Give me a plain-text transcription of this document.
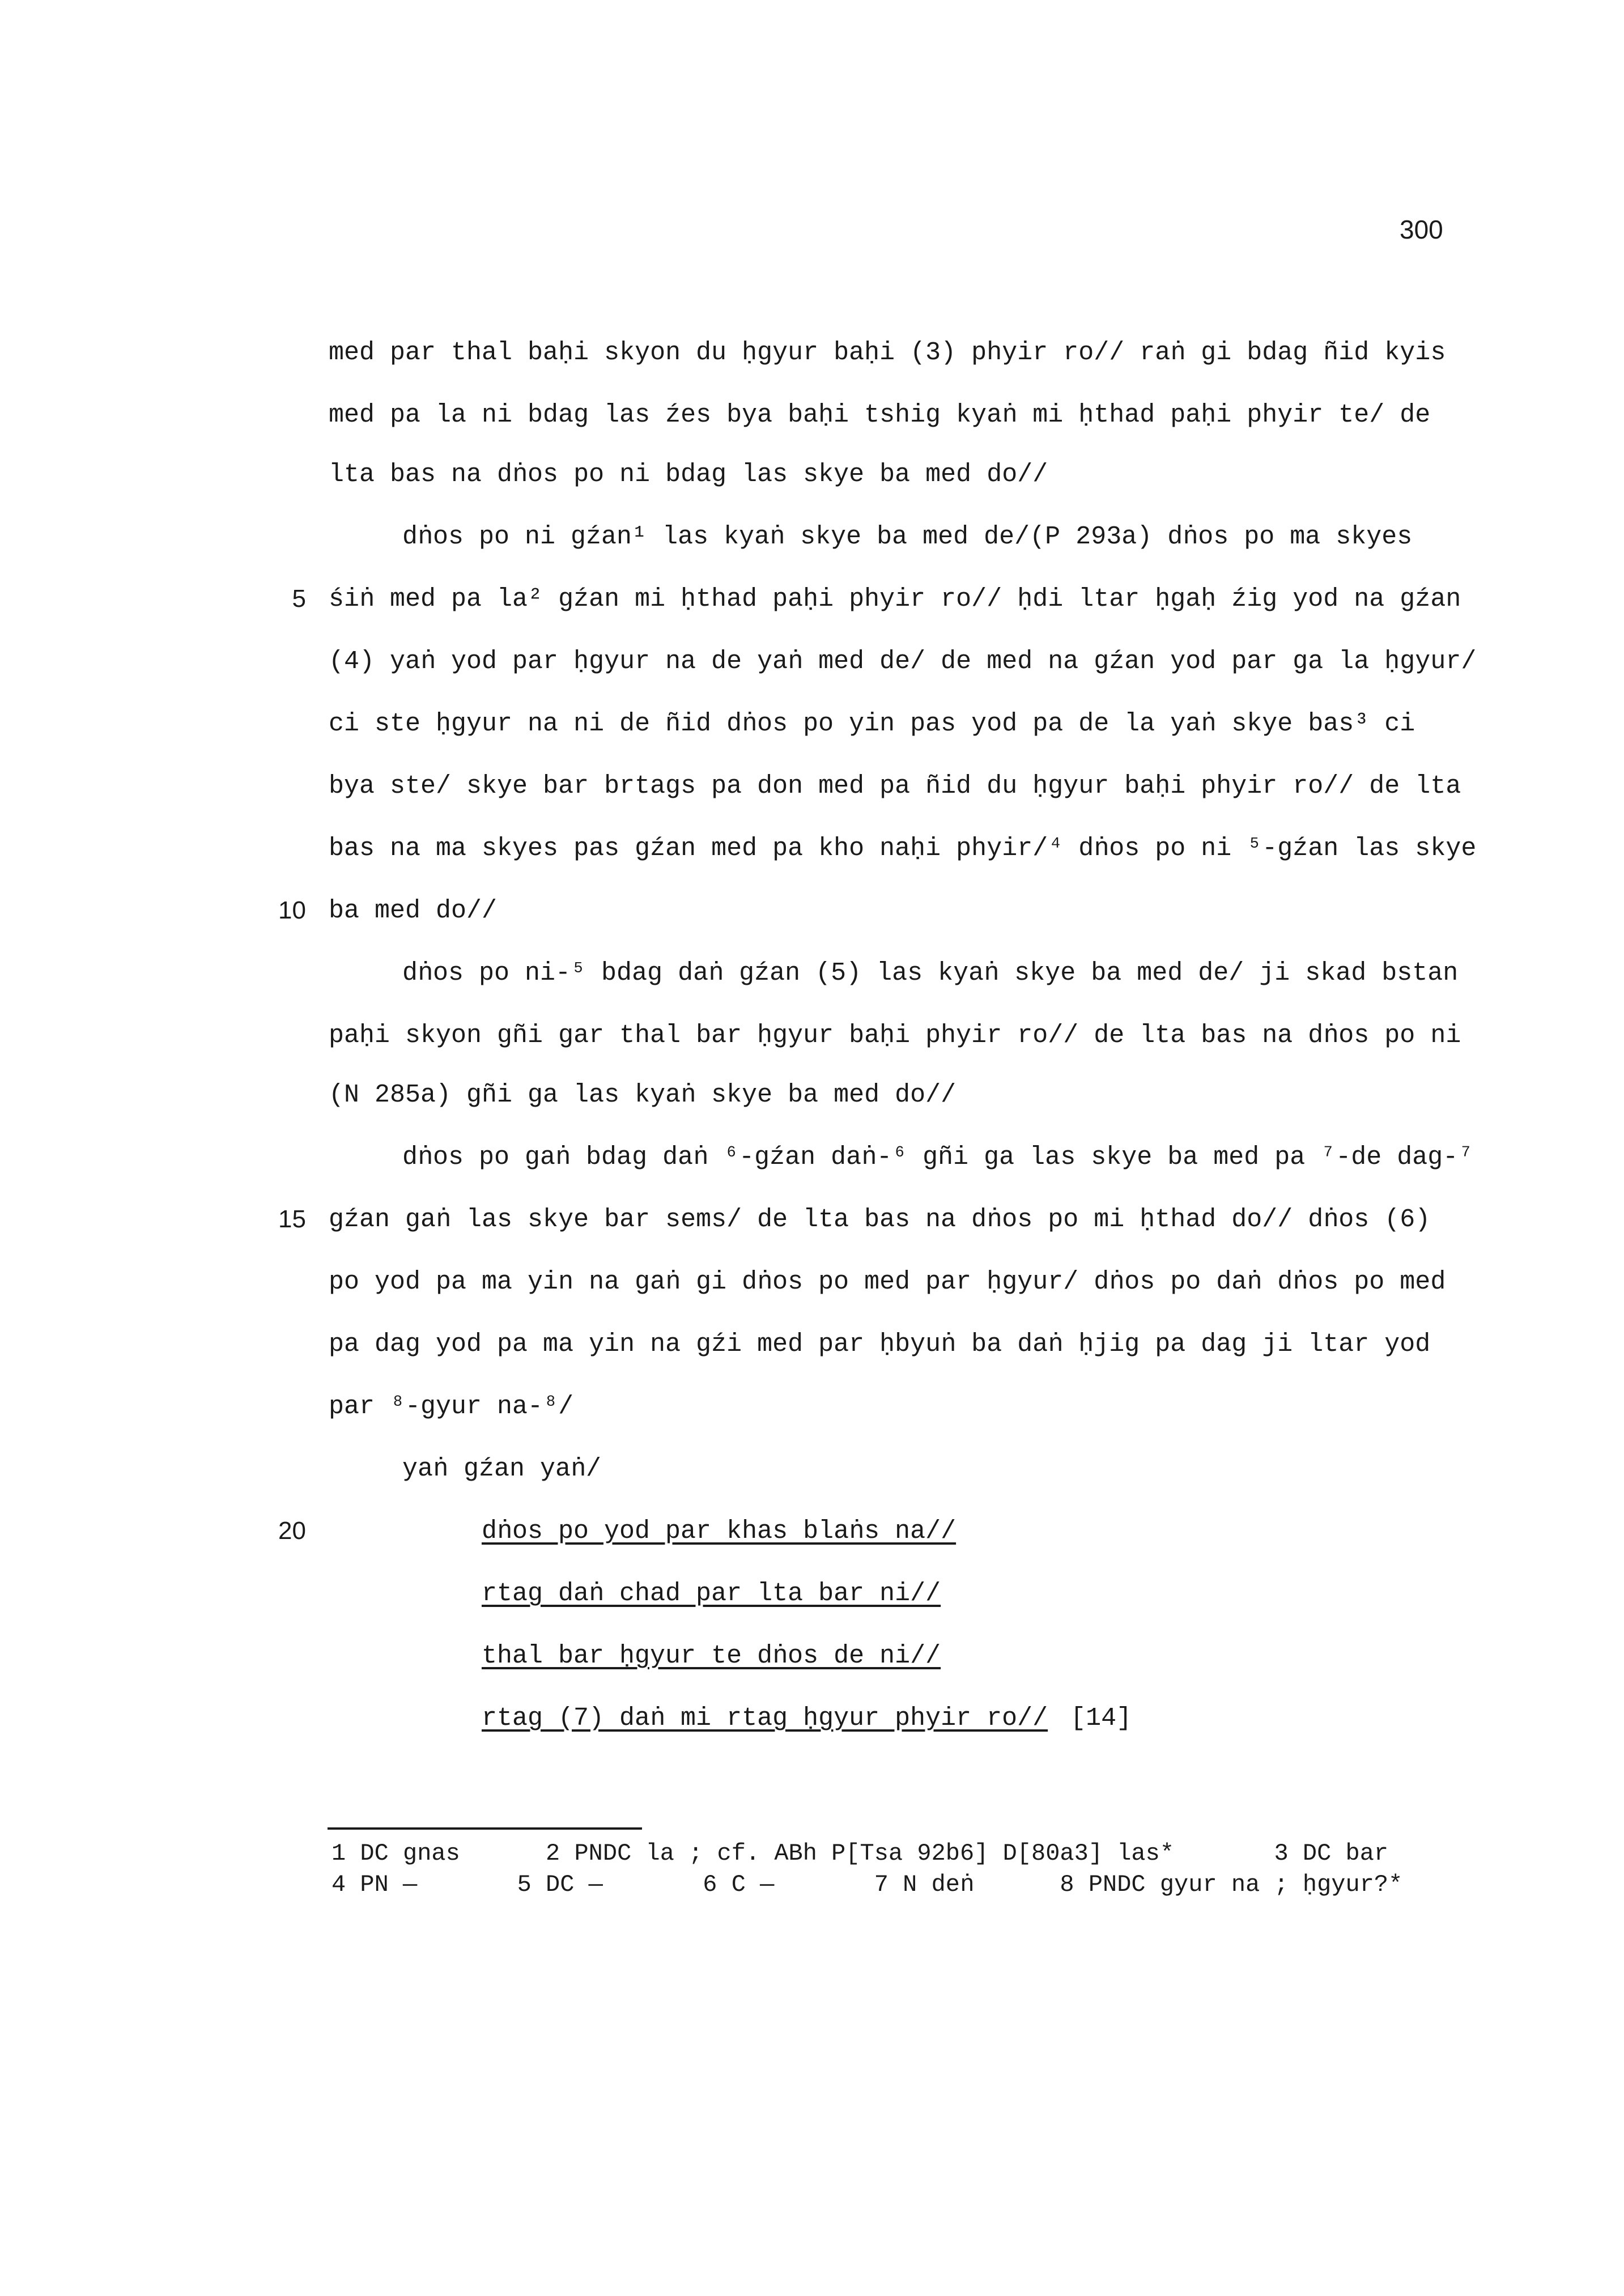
300
med par thal baḥi skyon du ḥgyur baḥi (3) phyir ro// raṅ gi bdag ñid kyis
med pa la ni bdag las źes bya baḥi tshig kyaṅ mi ḥthad paḥi phyir te/ de
lta bas na dṅos po ni bdag las skye ba med do//
dṅos po ni gźan¹ las kyaṅ skye ba med de/(P 293a) dṅos po ma skyes
śiṅ med pa la² gźan mi ḥthad paḥi phyir ro// ḥdi ltar ḥgaḥ źig yod na gźan
5
(4) yaṅ yod par ḥgyur na de yaṅ med de/ de med na gźan yod par ga la ḥgyur/
ci ste ḥgyur na ni de ñid dṅos po yin pas yod pa de la yaṅ skye bas³ ci
bya ste/ skye bar brtags pa don med pa ñid du ḥgyur baḥi phyir ro// de lta
bas na ma skyes pas gźan med pa kho naḥi phyir/⁴ dṅos po ni ⁵-gźan las skye
ba med do//
10
dṅos po ni-⁵ bdag daṅ gźan (5) las kyaṅ skye ba med de/ ji skad bstan
paḥi skyon gñi gar thal bar ḥgyur baḥi phyir ro// de lta bas na dṅos po ni
(N 285a) gñi ga las kyaṅ skye ba med do//
dṅos po gaṅ bdag daṅ ⁶-gźan daṅ-⁶ gñi ga las skye ba med pa ⁷-de dag-⁷
gźan gaṅ las skye bar sems/ de lta bas na dṅos po mi ḥthad do// dṅos (6)
15
po yod pa ma yin na gaṅ gi dṅos po med par ḥgyur/ dṅos po daṅ dṅos po med
pa dag yod pa ma yin na gźi med par ḥbyuṅ ba daṅ ḥjig pa dag ji ltar yod
par ⁸-gyur na-⁸/
yaṅ gźan yaṅ/
20	dṅos po yod par khas blaṅs na//
rtag daṅ chad par lta bar ni//
thal bar ḥgyur te dṅos de ni//
rtag (7) daṅ mi rtag ḥgyur phyir ro// [14]
1 DC gnas      2 PNDC la ; cf. ABh P[Tsa 92b6] D[80a3] las*       3 DC bar
4 PN —       5 DC —       6 C —       7 N deṅ      8 PNDC gyur na ; ḥgyur?*
